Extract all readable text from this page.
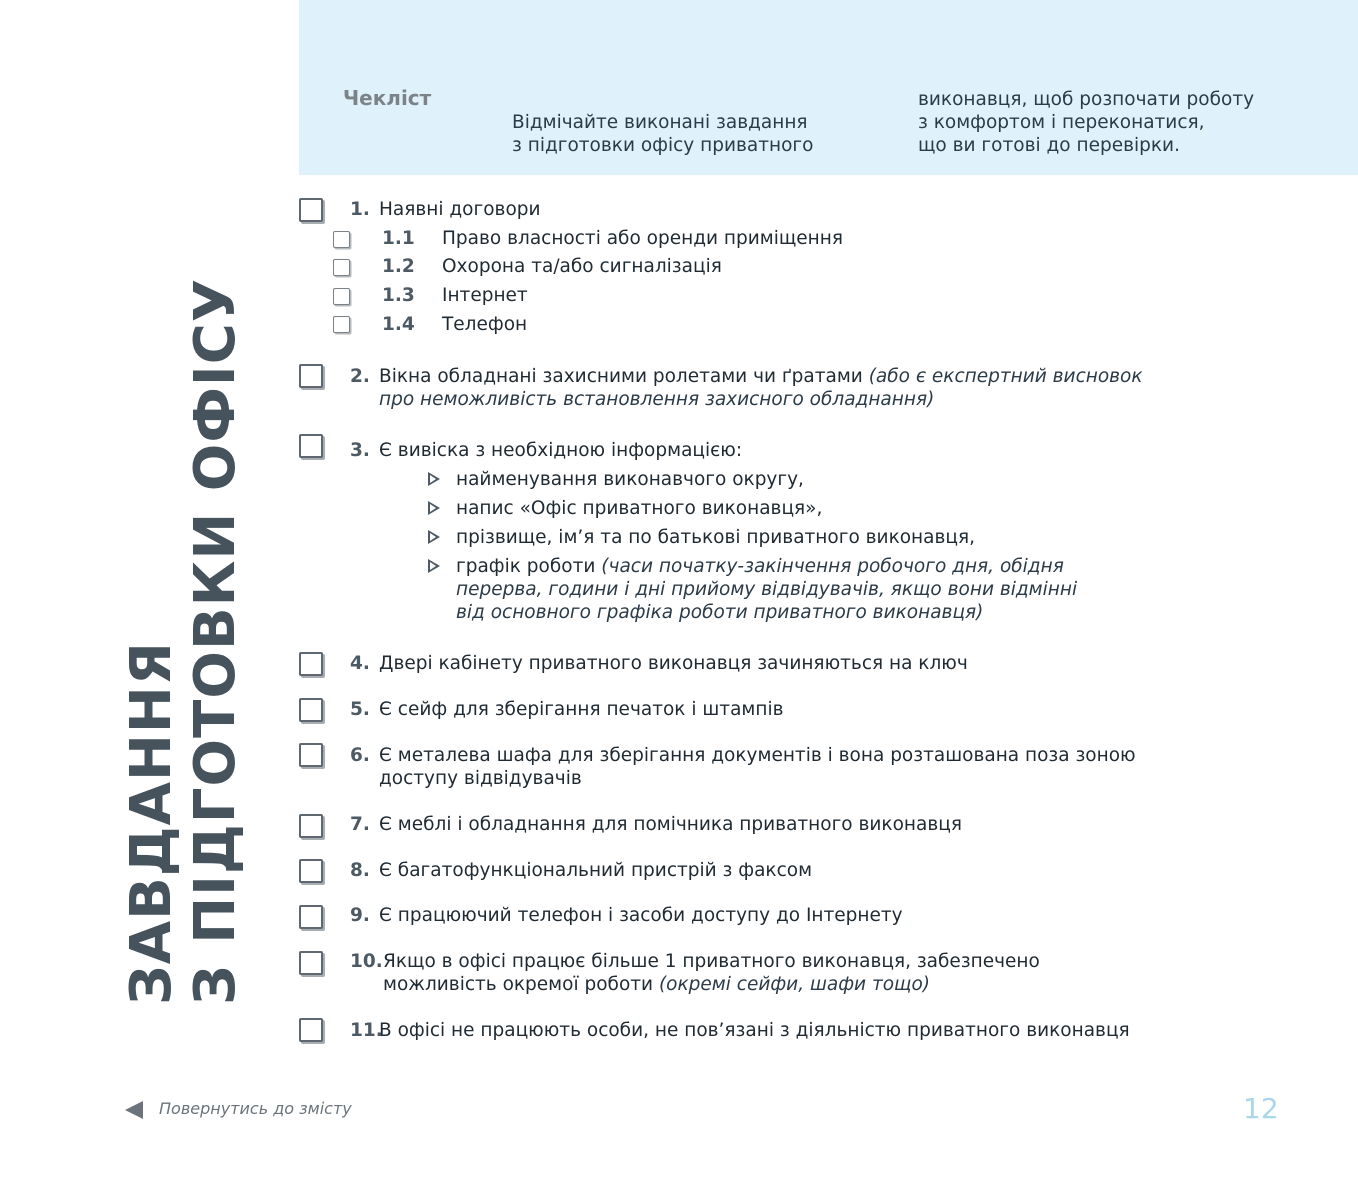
Чекліст
Відмічайте виконані завдання
з підготовки офісу приватного
виконавця, щоб розпочати роботу
з комфортом і переконатися,
що ви готові до перевірки.
ЗАВДАННЯ З ПІДГОТОВКИ ОФІСУ
1. Наявні договори
1.1 Право власності або оренди приміщення
1.2 Охорона та/або сигналізація
1.3 Інтернет
1.4 Телефон
2. Вікна обладнані захисними ролетами чи ґратами (або є експертний висновок
про неможливість встановлення захисного обладнання)
3. Є вивіска з необхідною інформацією:
найменування виконавчого округу,
напис «Офіс приватного виконавця»,
прізвище, ім’я та по батькові приватного виконавця,
графік роботи (часи початку-закінчення робочого дня, обідня
перерва, години і дні прийому відвідувачів, якщо вони відмінні
від основного графіка роботи приватного виконавця)
4. Двері кабінету приватного виконавця зачиняються на ключ
5. Є сейф для зберігання печаток і штампів
6. Є металева шафа для зберігання документів і вона розташована поза зоною
доступу відвідувачів
7. Є меблі і обладнання для помічника приватного виконавця
8. Є багатофункціональний пристрій з факсом
9. Є працюючий телефон і засоби доступу до Інтернету
10. Якщо в офісі працює більше 1 приватного виконавця, забезпечено
можливість окремої роботи (окремі сейфи, шафи тощо)
11.
В офісі не працюють особи, не пов’язані з діяльністю приватного виконавця
Повернутись до змісту	12
